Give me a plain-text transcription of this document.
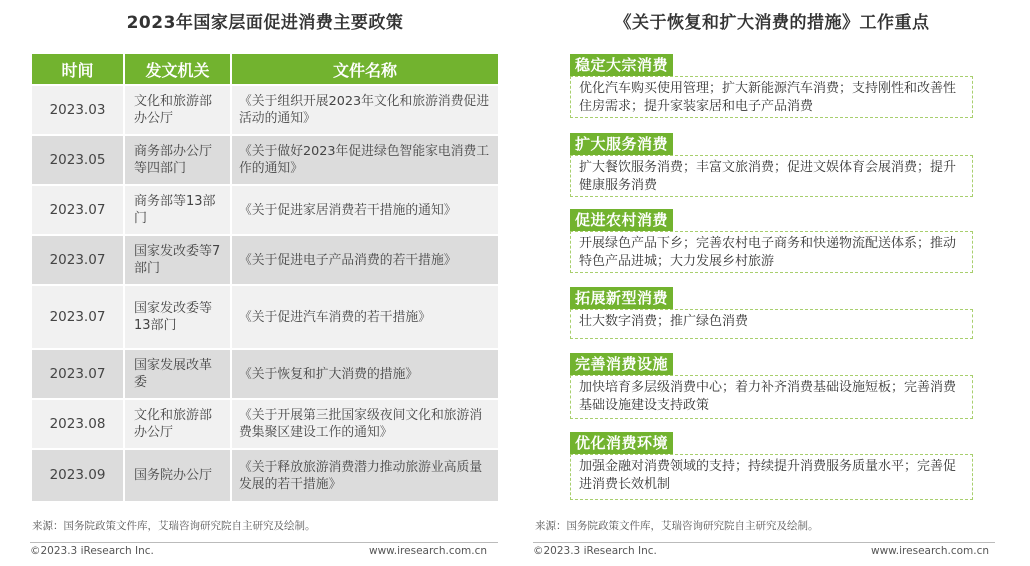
2023年国家层面促进消费主要政策
时间	发文机关	文件名称
2023.03	文化和旅游部办公厅	《关于组织开展2023年文化和旅游消费促进活动的通知》
2023.05	商务部办公厅等四部门	《关于做好2023年促进绿色智能家电消费工作的通知》
2023.07	商务部等13部门	《关于促进家居消费若干措施的通知》
2023.07	国家发改委等7部门	《关于促进电子产品消费的若干措施》
2023.07	国家发改委等13部门	《关于促进汽车消费的若干措施》
2023.07	国家发展改革委	《关于恢复和扩大消费的措施》
2023.08	文化和旅游部办公厅	《关于开展第三批国家级夜间文化和旅游消费集聚区建设工作的通知》
2023.09	国务院办公厅	《关于释放旅游消费潜力推动旅游业高质量发展的若干措施》
来源：国务院政策文件库，艾瑞咨询研究院自主研究及绘制。
©2023.3 iResearch Inc.	www.iresearch.com.cn
《关于恢复和扩大消费的措施》工作重点
稳定大宗消费
优化汽车购买使用管理；扩大新能源汽车消费；支持刚性和改善性住房需求；提升家装家居和电子产品消费
扩大服务消费
扩大餐饮服务消费；丰富文旅消费；促进文娱体育会展消费；提升健康服务消费
促进农村消费
开展绿色产品下乡；完善农村电子商务和快递物流配送体系；推动特色产品进城；大力发展乡村旅游
拓展新型消费
壮大数字消费；推广绿色消费
完善消费设施
加快培育多层级消费中心；着力补齐消费基础设施短板；完善消费基础设施建设支持政策
优化消费环境
加强金融对消费领域的支持；持续提升消费服务质量水平；完善促进消费长效机制
来源：国务院政策文件库，艾瑞咨询研究院自主研究及绘制。
©2023.3 iResearch Inc.	www.iresearch.com.cn
